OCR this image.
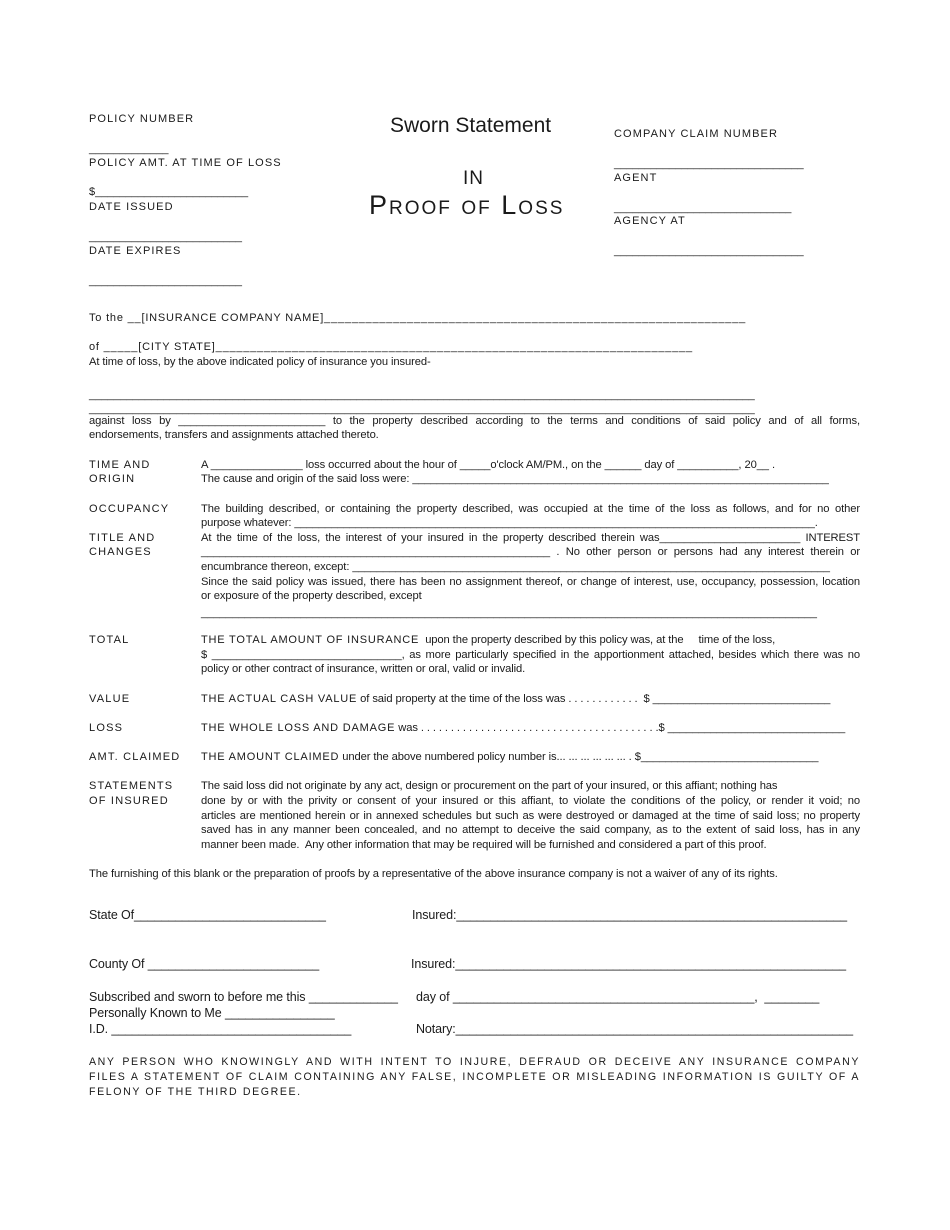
POLICY NUMBER
_____________
POLICY AMT. AT TIME OF LOSS
$_________________________
DATE ISSUED
_________________________
DATE EXPIRES
_________________________
Sworn Statement
IN
Proof of Loss
COMPANY CLAIM NUMBER
_______________________________
AGENT
_____________________________
AGENCY AT
_______________________________
To the __[INSURANCE COMPANY NAME]_____________________________________________________________
of _____[CITY STATE]_____________________________________________________________________
At time of loss, by the above indicated policy of insurance you insured-
___________________________________________________________________________________________________________
___________________________________________________________________________________________________________
against loss by ________________________ to the property described according to the terms and conditions of said policy and of all forms,
endorsements, transfers and assignments attached thereto.
TIME AND
ORIGIN
A _______________ loss occurred about the hour of _____o'clock AM/PM., on the ______ day of __________, 20__ .
The cause and origin of the said loss were: ____________________________________________________________________
OCCUPANCY	The building described, or containing the property described, was occupied at the time of the loss as follows, and for no other
purpose whatever: _____________________________________________________________________________________.
TITLE AND
CHANGES
At the time of the loss, the interest of your insured in the property described therein was_______________________ INTEREST
_________________________________________________________ . No other person or persons had any interest therein or
encumbrance thereon, except: ______________________________________________________________________________
Since the said policy was issued, there has been no assignment thereof, or change of interest, use, occupancy, possession, location
or exposure of the property described, except
___________________________________________________________________________________________________
TOTAL	THE TOTAL AMOUNT OF INSURANCE  upon the property described by this policy was, at the     time of the loss,
$ _______________________________, as more particularly specified in the apportionment attached, besides which there was no
policy or other contract of insurance, written or oral, valid or invalid.
VALUE	THE ACTUAL CASH VALUE of said property at the time of the loss was . . . . . . . . . . . .  $ _____________________________
LOSS	THE WHOLE LOSS AND DAMAGE was . . . . . . . . . . . . . . . . . . . . . . . . . . . . . . . . . . . . . . . .$ _____________________________
AMT. CLAIMED THE AMOUNT CLAIMED under the above numbered policy number is... ... ... ... ... ... . $_____________________________
STATEMENTS
OF INSURED
The said loss did not originate by any act, design or procurement on the part of your insured, or this affiant; nothing has
done by or with the privity or consent of your insured or this affiant, to violate the conditions of the policy, or render it void; no
articles are mentioned herein or in annexed schedules but such as were destroyed or damaged at the time of said loss; no property
saved has in any manner been concealed, and no attempt to deceive the said company, as to the extent of said loss, has in any
manner been made.  Any other information that may be required will be furnished and considered a part of this proof.
The furnishing of this blank or the preparation of proofs by a representative of the above insurance company is not a waiver of any of its rights.
State Of____________________________	Insured:_________________________________________________________
County Of _________________________	Insured:_________________________________________________________
Subscribed and sworn to before me this _____________ day of ____________________________________________,  ________
Personally Known to Me ________________
I.D. ___________________________________	Notary:__________________________________________________________
ANY PERSON WHO KNOWINGLY AND WITH INTENT TO INJURE, DEFRAUD OR DECEIVE ANY INSURANCE COMPANY FILES A STATEMENT OF CLAIM CONTAINING ANY FALSE, INCOMPLETE OR MISLEADING INFORMATION IS GUILTY OF A FELONY OF THE THIRD DEGREE.
